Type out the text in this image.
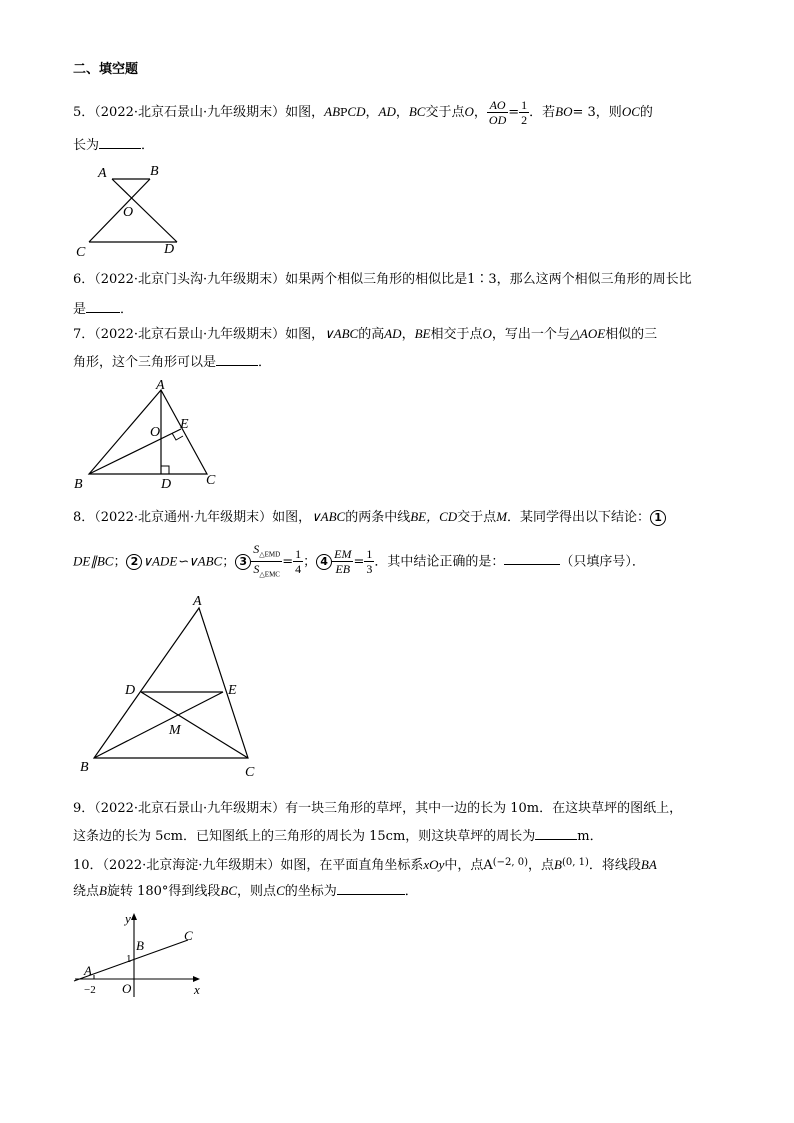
二、填空题
5．（2022·北京石景山·九年级期末）如图，ABPCD，AD，BC交于点O， $\frac{AO}{OD} = \frac{1}{2}$ ．若BO= 3，则OC的
长为	．
A	B
O
C	D
6．（2022·北京门头沟·九年级期末）如果两个相似三角形的相似比是1∶3，那么这两个相似三角形的周长比
是	．
7．（2022·北京石景山·九年级期末）如图，∨ABC的高AD，BE相交于点O，写出一个与△AOE相似的三
角形，这个三角形可以是	．
A
O
E
B	D C
8．（2022·北京通州·九年级期末）如图，∨ABC的两条中线BE，CD交于点M．某同学得出以下结论： 1
DE∥BC； 2 ∨ADE∽∨ABC； $3 \frac{S_{\triangle EMD}}{S_{\triangle EMC}} = \frac{1}{4}$ ； $4 \frac{EM}{EB} = \frac{1}{3}$ ．其中结论正确的是：	（只填序号）．
A
D	E
M
B	C
9．（2022·北京石景山·九年级期末）有一块三角形的草坪，其中一边的长为 10m．在这块草坪的图纸上，
这条边的长为 5cm．已知图纸上的三角形的周长为 15cm，则这块草坪的周长为	m．
10．（2022·北京海淀·九年级期末）如图，在平面直角坐标系xOy中，点$A^{(-2, 0)}$，点B$^{(0, 1)}$．将线段BA
绕点B旋转 180°得到线段BC，则点C的坐标为	．
y
B
C
1
A
−2 O	x
